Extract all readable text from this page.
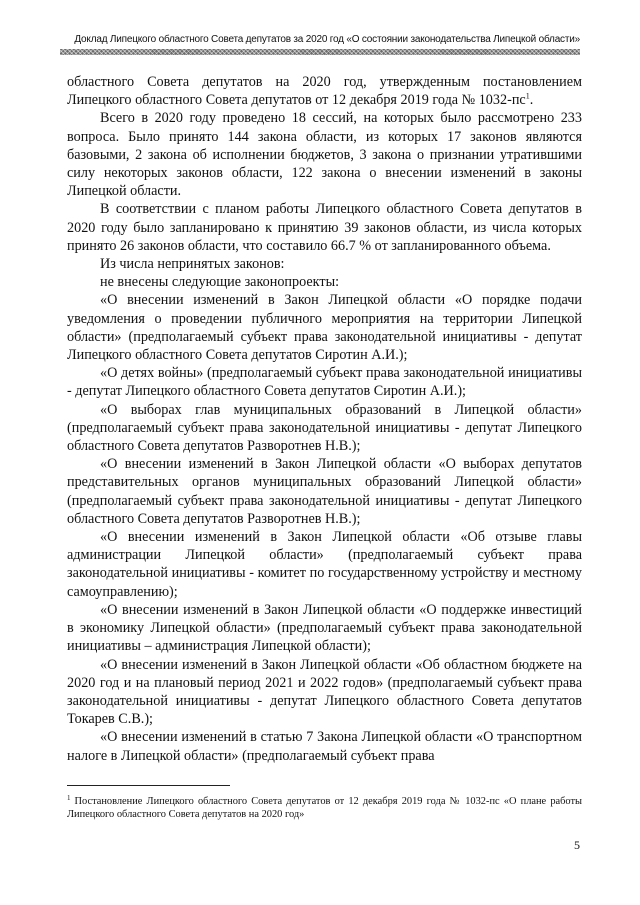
Доклад Липецкого областного Совета депутатов за 2020 год «О состоянии законодательства Липецкой области»

областного Совета депутатов на 2020 год, утвержденным постановлением Липецкого областного Совета депутатов от 12 декабря 2019 года № $1032-пс^1$.

Всего в 2020 году проведено 18 сессий, на которых было рассмотрено 233 вопроса. Было принято 144 закона области, из которых 17 законов являются базовыми, 2 закона об исполнении бюджетов, 3 закона о признании утратившими силу некоторых законов области, 122 закона о внесении изменений в законы Липецкой области.

В соответствии с планом работы Липецкого областного Совета депутатов в 2020 году было запланировано к принятию 39 законов области, из числа которых принято 26 законов области, что составило 66.7 % от запланированного объема.

Из числа непринятых законов:

не внесены следующие законопроекты:

«О внесении изменений в Закон Липецкой области «О порядке подачи уведомления о проведении публичного мероприятия на территории Липецкой области» (предполагаемый субъект права законодательной инициативы - депутат Липецкого областного Совета депутатов Сиротин А.И.);

«О детях войны» (предполагаемый субъект права законодательной инициативы - депутат Липецкого областного Совета депутатов Сиротин А.И.);

«О выборах глав муниципальных образований в Липецкой области» (предполагаемый субъект права законодательной инициативы - депутат Липецкого областного Совета депутатов Разворотнев Н.В.);

«О внесении изменений в Закон Липецкой области «О выборах депутатов представительных органов муниципальных образований Липецкой области» (предполагаемый субъект права законодательной инициативы - депутат Липецкого областного Совета депутатов Разворотнев Н.В.);

«О внесении изменений в Закон Липецкой области «Об отзыве главы администрации Липецкой области» (предполагаемый субъект права законодательной инициативы - комитет по государственному устройству и местному самоуправлению);

«О внесении изменений в Закон Липецкой области «О поддержке инвестиций в экономику Липецкой области» (предполагаемый субъект права законодательной инициативы – администрация Липецкой области);

«О внесении изменений в Закон Липецкой области «Об областном бюджете на 2020 год и на плановый период 2021 и 2022 годов» (предполагаемый субъект права законодательной инициативы - депутат Липецкого областного Совета депутатов Токарев С.В.);

«О внесении изменений в статью 7 Закона Липецкой области «О транспортном налоге в Липецкой области» (предполагаемый субъект права

$^1$ Постановление Липецкого областного Совета депутатов от 12 декабря 2019 года № 1032-пс «О плане работы Липецкого областного Совета депутатов на 2020 год»
5
